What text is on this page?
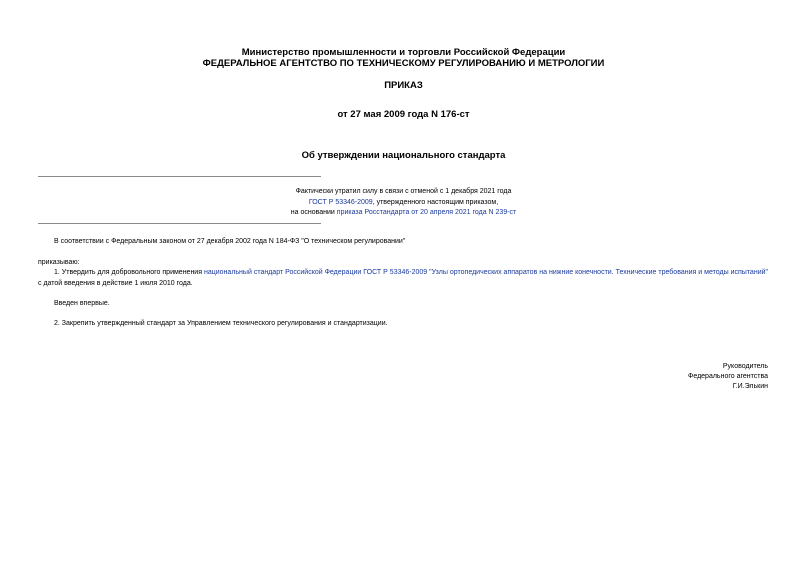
Министерство промышленности и торговли Российской Федерации
ФЕДЕРАЛЬНОЕ АГЕНТСТВО ПО ТЕХНИЧЕСКОМУ РЕГУЛИРОВАНИЮ И МЕТРОЛОГИИ
ПРИКАЗ
от 27 мая 2009 года N 176-ст
Об утверждении национального стандарта
Фактически утратил силу в связи с отменой с 1 декабря 2021 года
ГОСТ Р 53346-2009, утвержденного настоящим приказом,
на основании приказа Росстандарта от 20 апреля 2021 года N 239-ст
В соответствии с Федеральным законом от 27 декабря 2002 года N 184-ФЗ "О техническом регулировании"
приказываю:
1. Утвердить для добровольного применения национальный стандарт Российской Федерации ГОСТ Р 53346-2009 "Узлы ортопедических аппаратов на нижние конечности. Технические требования и методы испытаний" с датой введения в действие 1 июля 2010 года.
Введен впервые.
2. Закрепить утвержденный стандарт за Управлением технического регулирования и стандартизации.
Руководитель
Федерального агентства
Г.И.Элькин
